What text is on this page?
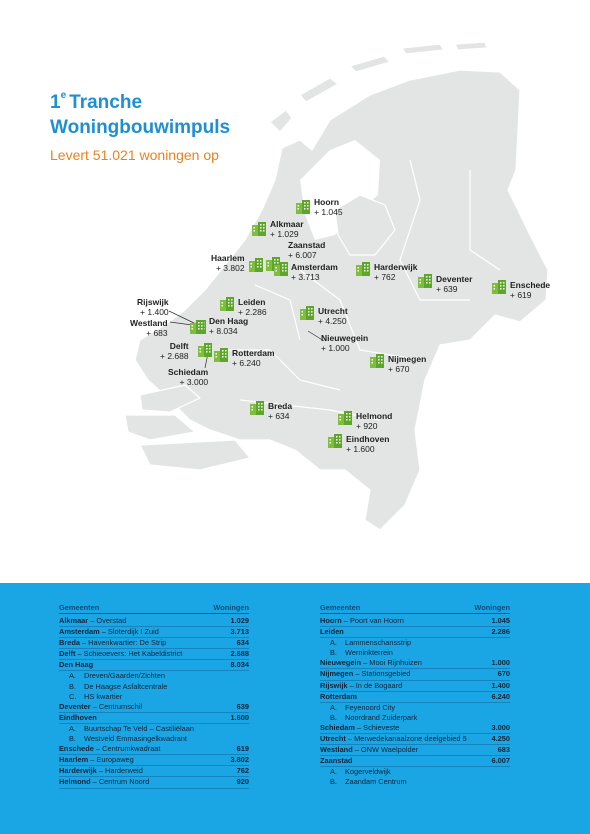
1e Tranche
Woningbouwimpuls
Levert 51.021 woningen op
Hoorn
+ 1.045
Alkmaar
+ 1.029
Zaanstad
+ 6.007
Haarlem
+ 3.802	Amsterdam
+ 3.713
Harderwijk
+ 762	Deventer
+ 639	Enschede
+ 619
Leiden
+ 2.286
Rijswijk
+ 1.400
Westland
+ 683
Den Haag
+ 8.034
Utrecht
+ 4.250
Nieuwegein
+ 1.000
Delft
+ 2.688	Rotterdam
+ 6.240
Schiedam
+ 3.000
Nijmegen
+ 670
Breda
+ 634	Helmond
+ 920
Eindhoven
+ 1.600
Gemeenten	Woningen
Alkmaar – Overstad	1.029
Amsterdam – Sloterdijk I Zuid	3.713
Breda – Havenkwartier: De Strip	634
Delft – Schieoevers: Het Kabeldistrict	2.688
Den Haag	8.034
A.	Dreven/Gaarden/Zichten
B.	De Haagse Asfaltcentrale
C.	HS kwartier
Deventer – Centrumschil	639
Eindhoven	1.600
A.	Buurtschap Te Veld – Castiliëlaan
B.	Westveld Emmasingelkwadrant
Enschede – Centrumkwadraat	619
Haarlem – Europaweg	3.802
Harderwijk – Harderweid	762
Helmond – Centrum Noord	920
Gemeenten	Woningen
Hoorn – Poort van Hoorn	1.045
Leiden	2.286
A.	Lammenschansstrip
B.	Werninkterrein
Nieuwegein – Mooi Rijnhuizen	1.000
Nijmegen – Stationsgebied	670
Rijswijk – In de Bogaard	1.400
Rotterdam	6.240
A.	Feyenoord City
B.	Noordrand Zuiderpark
Schiedam – Schieveste	3.000
Utrecht – Merwedekanaalzone deelgebied 5	4.250
Westland – ONW Waelpolder	683
Zaanstad	6.007
A.	Kogerveldwijk
B.	Zaandam Centrum
